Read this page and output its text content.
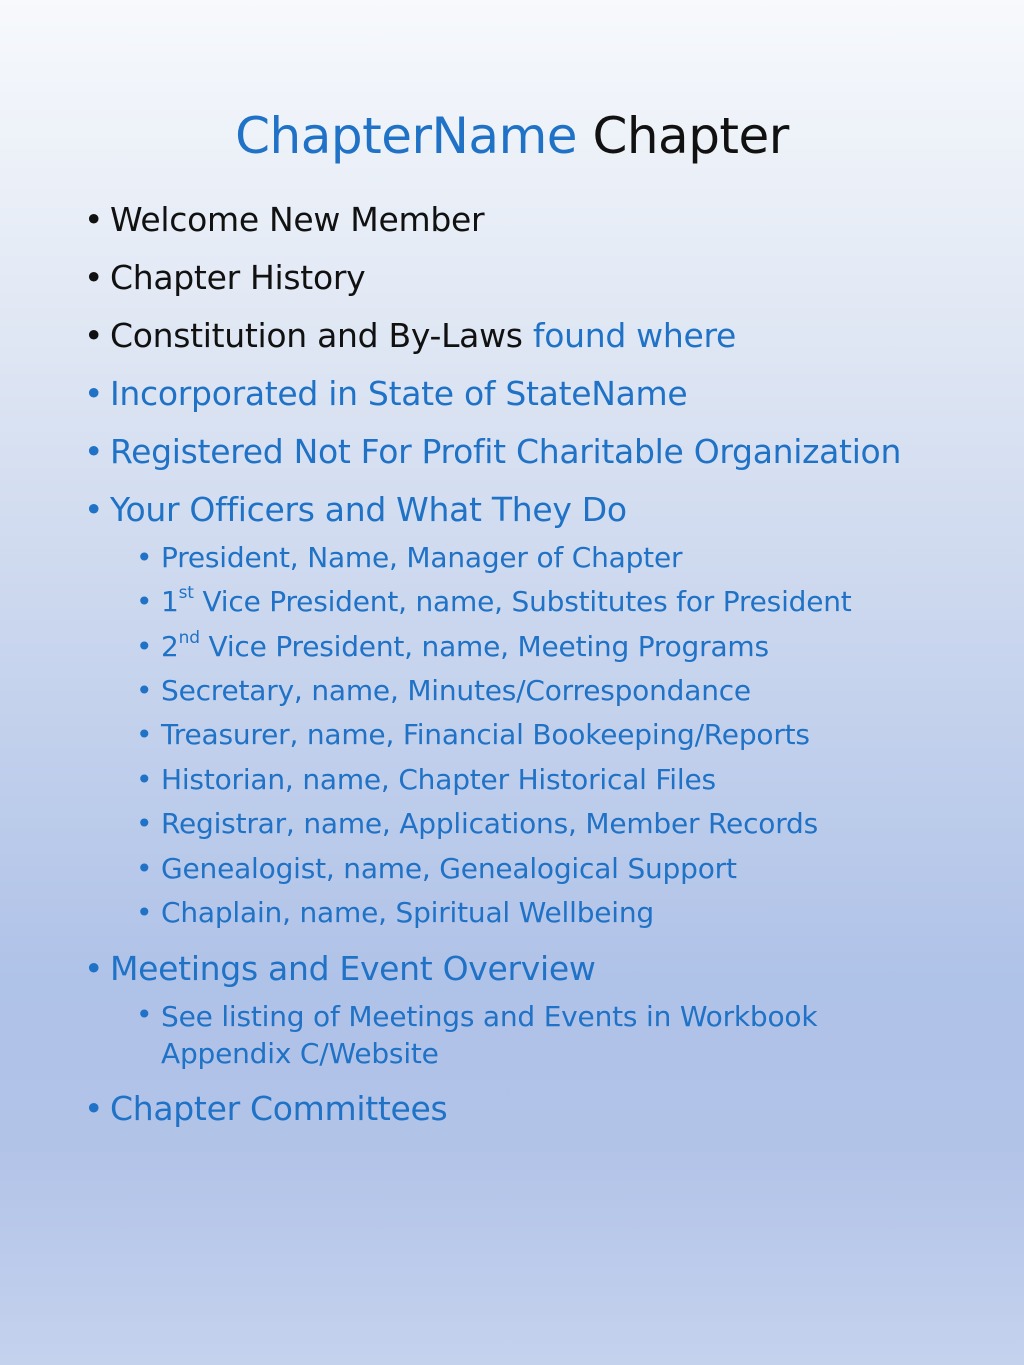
ChapterName Chapter
• Welcome New Member
• Chapter History
• Constitution and By-Laws found where
• Incorporated in State of StateName
• Registered Not For Profit Charitable Organization
• Your Officers and What They Do
• President, Name, Manager of Chapter
• 1st Vice President, name, Substitutes for President
• 2nd Vice President, name, Meeting Programs
• Secretary, name, Minutes/Correspondance
• Treasurer, name, Financial Bookeeping/Reports
• Historian, name, Chapter Historical Files
• Registrar, name, Applications, Member Records
• Genealogist, name, Genealogical Support
• Chaplain, name, Spiritual Wellbeing
• Meetings and Event Overview
• See listing of Meetings and Events in Workbook Appendix C/Website
• Chapter Committees
